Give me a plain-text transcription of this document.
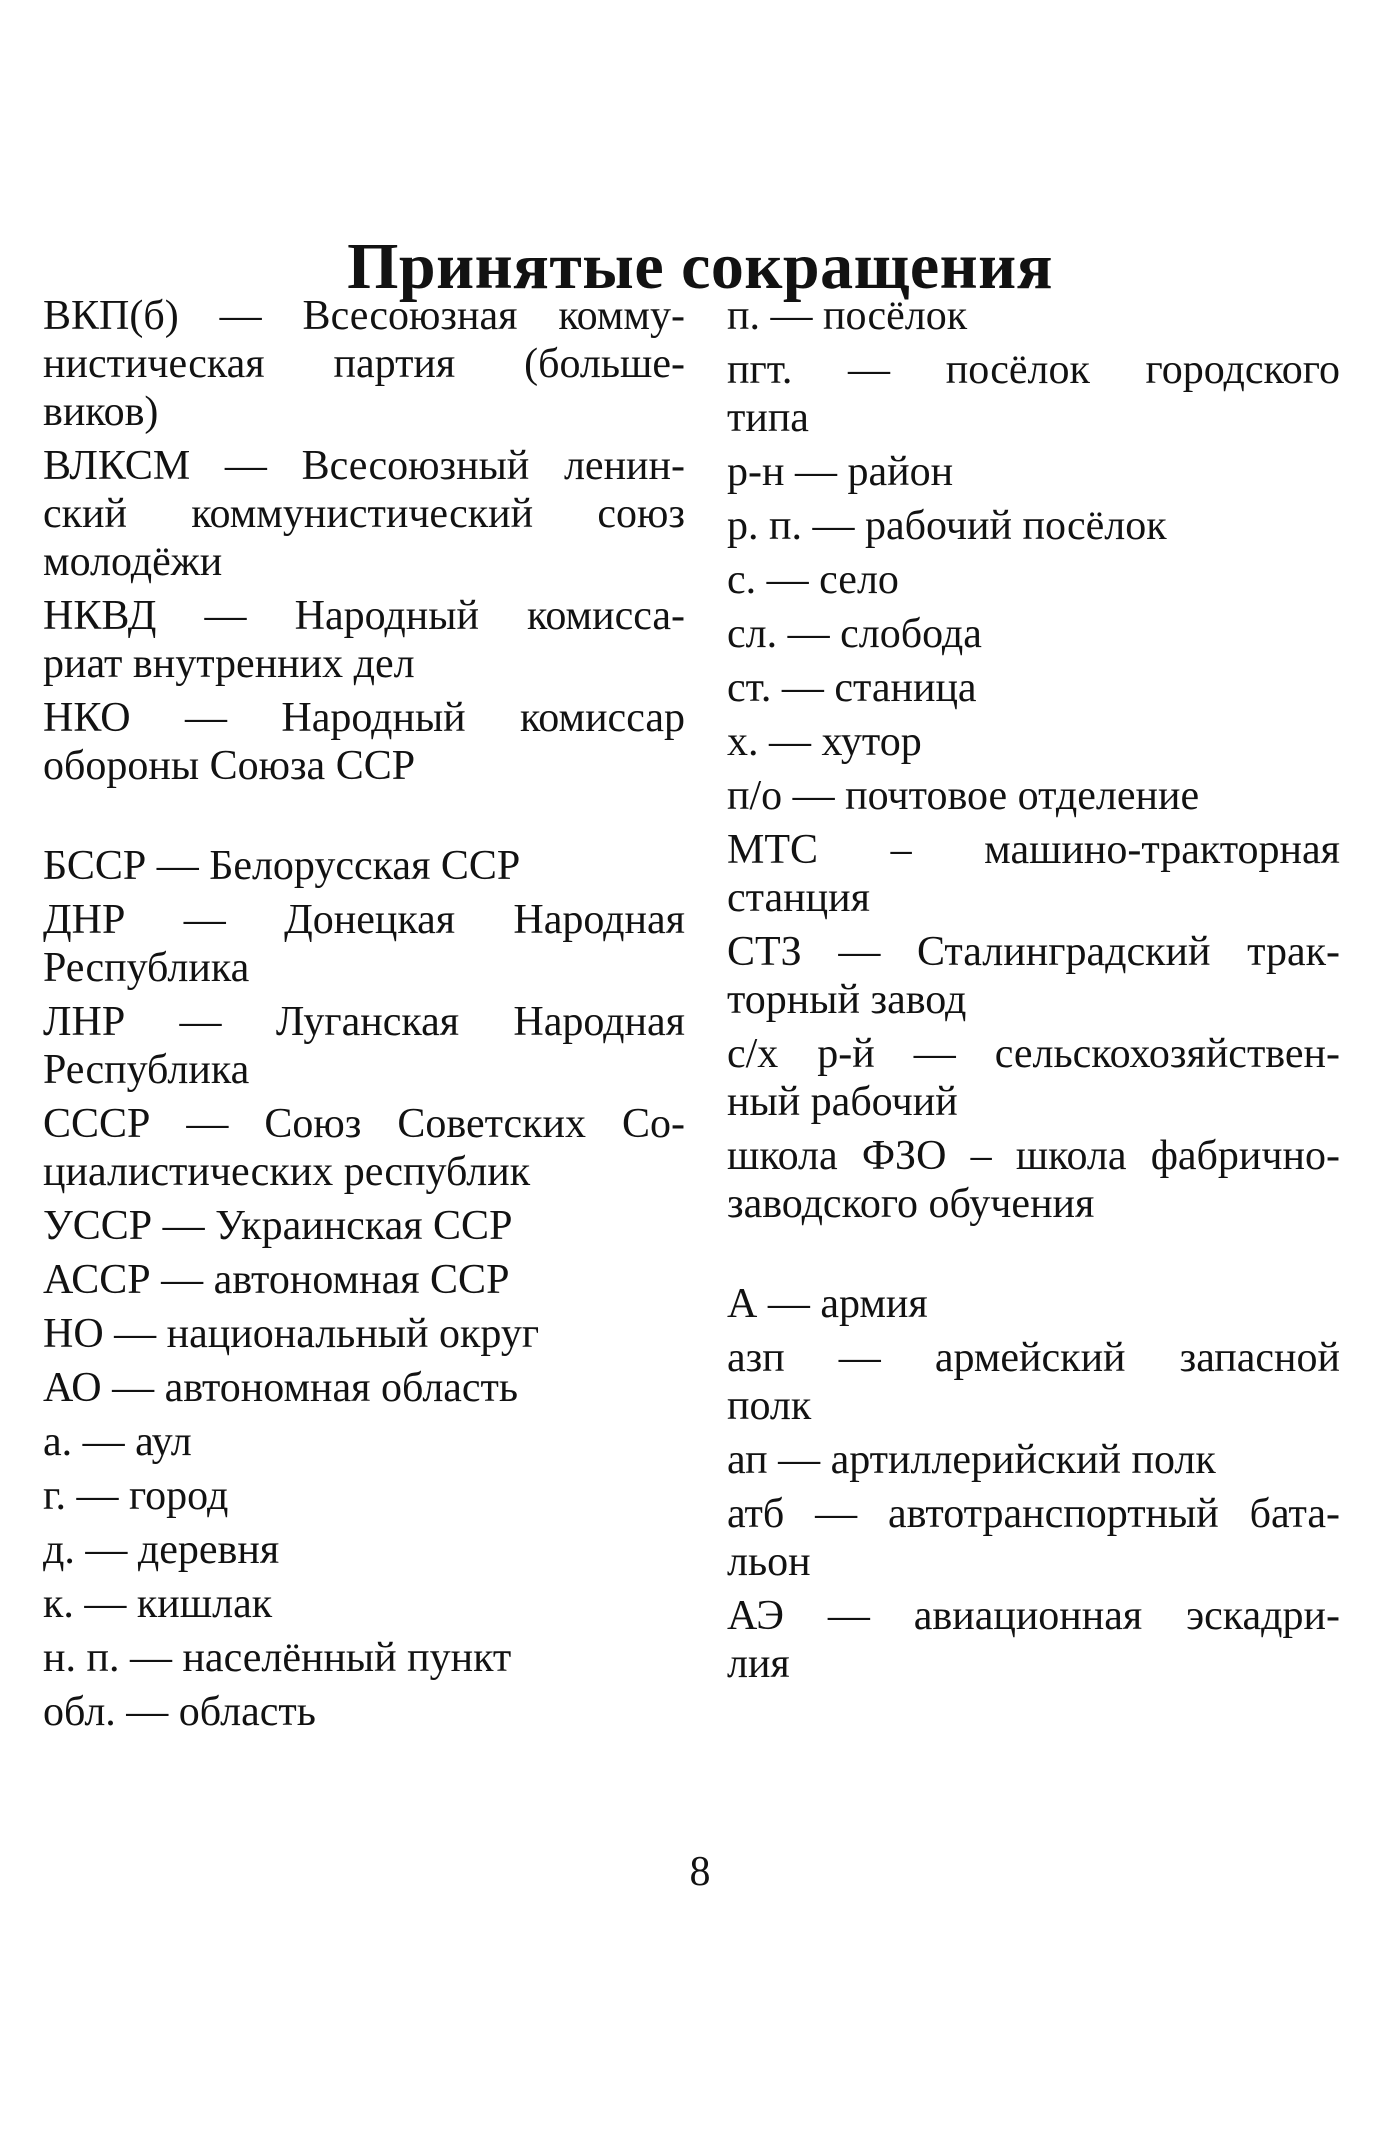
Принятые сокращения

ВКП(б) — Всесоюзная комму-
нистическая партия (больше-
виков)

ВЛКСМ — Всесоюзный ленин-
ский коммунистический союз
молодёжи

НКВД — Народный комисса-
риат внутренних дел

НКО — Народный комиссар
обороны Союза ССР

БССР — Белорусская ССР

ДНР — Донецкая Народная
Республика

ЛНР — Луганская Народная
Республика

СССР — Союз Советских Со-
циалистических республик

УССР — Украинская ССР

АССР — автономная ССР

НО — национальный округ

АО — автономная область

а. — аул

г. — город

д. — деревня

к. — кишлак

н. п. — населённый пункт

обл. — область

п. — посёлок

пгт. — посёлок городского
типа

р-н — район

р. п. — рабочий посёлок

с. — село

сл. — слобода

ст. — станица

х. — хутор

п/о — почтовое отделение

МТС – машино-тракторная
станция

СТЗ — Сталинградский трак-
торный завод

с/х р-й — сельскохозяйствен-
ный рабочий

школа ФЗО – школа фабрично-
заводского обучения

А — армия

азп — армейский запасной
полк

ап — артиллерийский полк

атб — автотранспортный бата-
льон

АЭ — авиационная эскадри-
лия

8
